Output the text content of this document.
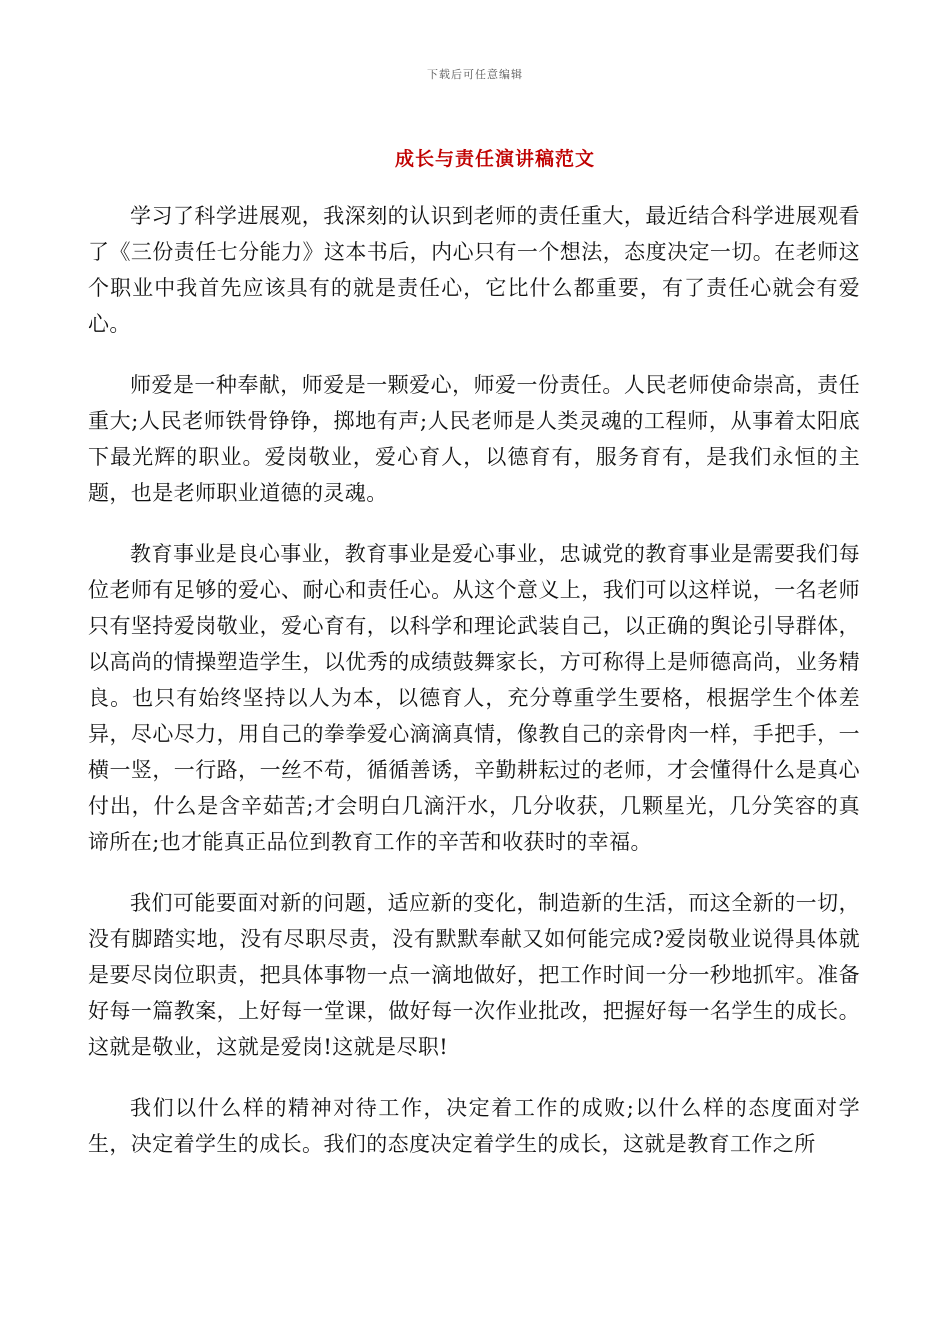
下载后可任意编辑
成长与责任演讲稿范文

学习了科学进展观，我深刻的认识到老师的责任重大，最近结合科学进展观看了《三份责任七分能力》这本书后，内心只有一个想法，态度决定一切。在老师这个职业中我首先应该具有的就是责任心，它比什么都重要，有了责任心就会有爱心。

师爱是一种奉献，师爱是一颗爱心，师爱一份责任。人民老师使命崇高，责任重大;人民老师铁骨铮铮，掷地有声;人民老师是人类灵魂的工程师，从事着太阳底下最光辉的职业。爱岗敬业，爱心育人，以德育有，服务育有，是我们永恒的主题，也是老师职业道德的灵魂。

教育事业是良心事业，教育事业是爱心事业，忠诚党的教育事业是需要我们每位老师有足够的爱心、耐心和责任心。从这个意义上，我们可以这样说，一名老师只有坚持爱岗敬业，爱心育有，以科学和理论武装自己，以正确的舆论引导群体，以高尚的情操塑造学生，以优秀的成绩鼓舞家长，方可称得上是师德高尚，业务精良。也只有始终坚持以人为本，以德育人，充分尊重学生要格，根据学生个体差异，尽心尽力，用自己的拳拳爱心滴滴真情，像教自己的亲骨肉一样，手把手，一横一竖，一行路，一丝不苟，循循善诱，辛勤耕耘过的老师，才会懂得什么是真心付出，什么是含辛茹苦;才会明白几滴汗水，几分收获，几颗星光，几分笑容的真谛所在;也才能真正品位到教育工作的辛苦和收获时的幸福。

我们可能要面对新的问题，适应新的变化，制造新的生活，而这全新的一切，没有脚踏实地，没有尽职尽责，没有默默奉献又如何能完成?爱岗敬业说得具体就是要尽岗位职责，把具体事物一点一滴地做好，把工作时间一分一秒地抓牢。准备好每一篇教案，上好每一堂课，做好每一次作业批改，把握好每一名学生的成长。这就是敬业，这就是爱岗!这就是尽职!

我们以什么样的精神对待工作，决定着工作的成败;以什么样的态度面对学生，决定着学生的成长。我们的态度决定着学生的成长，这就是教育工作之所
